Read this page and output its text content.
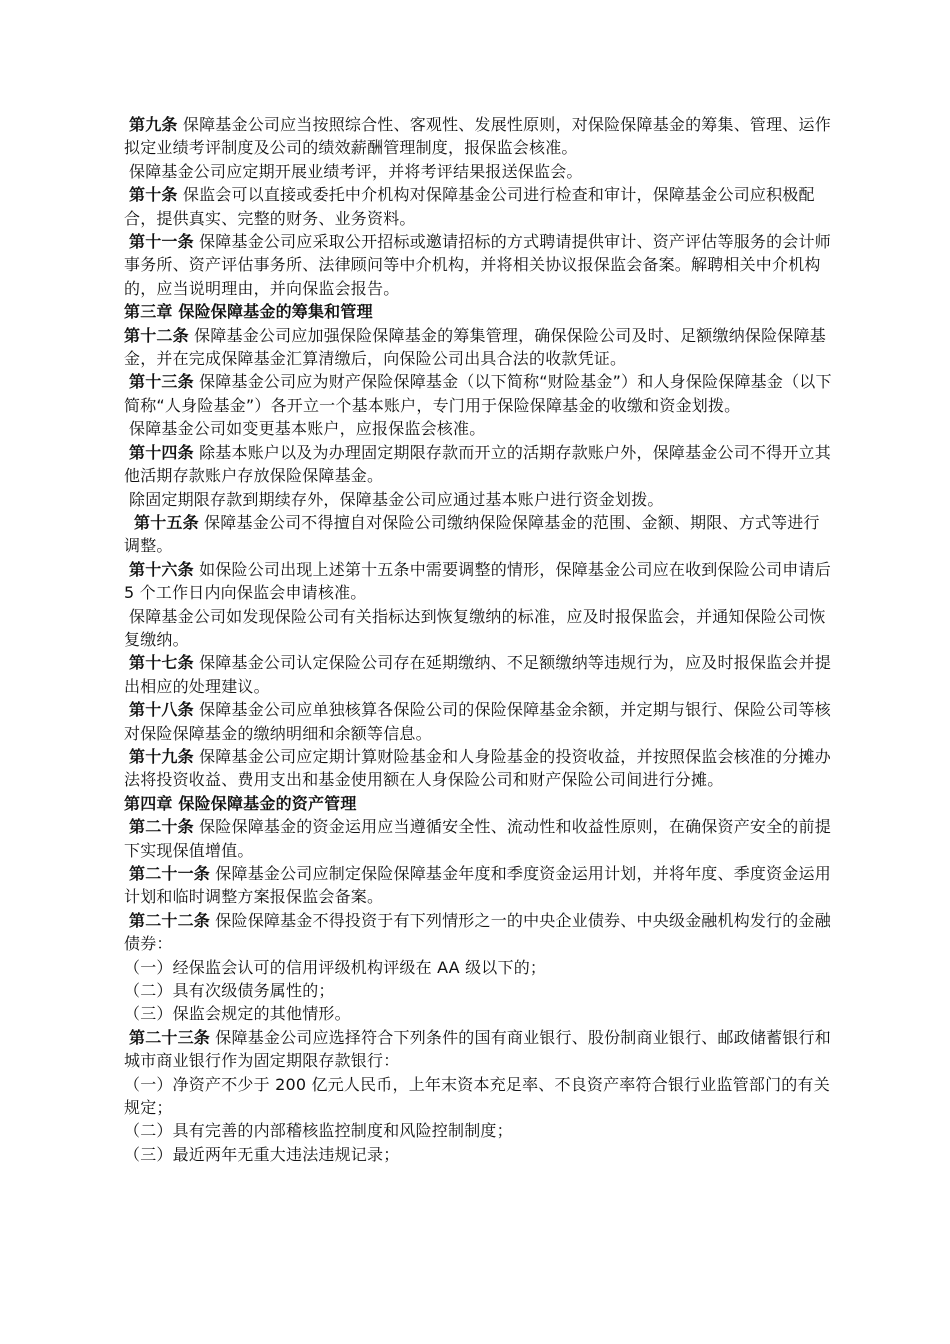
第九条 保障基金公司应当按照综合性、客观性、发展性原则，对保险保障基金的筹集、管理、运作拟定业绩考评制度及公司的绩效薪酬管理制度，报保监会核准。

保障基金公司应定期开展业绩考评，并将考评结果报送保监会。

第十条 保监会可以直接或委托中介机构对保障基金公司进行检查和审计，保障基金公司应积极配合，提供真实、完整的财务、业务资料。

第十一条 保障基金公司应采取公开招标或邀请招标的方式聘请提供审计、资产评估等服务的会计师事务所、资产评估事务所、法律顾问等中介机构，并将相关协议报保监会备案。解聘相关中介机构的，应当说明理由，并向保监会报告。

第三章 保险保障基金的筹集和管理

第十二条 保障基金公司应加强保险保障基金的筹集管理，确保保险公司及时、足额缴纳保险保障基金，并在完成保障基金汇算清缴后，向保险公司出具合法的收款凭证。

第十三条 保障基金公司应为财产保险保障基金（以下简称“财险基金”）和人身保险保障基金（以下简称“人身险基金”）各开立一个基本账户，专门用于保险保障基金的收缴和资金划拨。

保障基金公司如变更基本账户，应报保监会核准。

第十四条 除基本账户以及为办理固定期限存款而开立的活期存款账户外，保障基金公司不得开立其他活期存款账户存放保险保障基金。

除固定期限存款到期续存外，保障基金公司应通过基本账户进行资金划拨。

第十五条 保障基金公司不得擅自对保险公司缴纳保险保障基金的范围、金额、期限、方式等进行调整。

第十六条 如保险公司出现上述第十五条中需要调整的情形，保障基金公司应在收到保险公司申请后 5 个工作日内向保监会申请核准。

保障基金公司如发现保险公司有关指标达到恢复缴纳的标准，应及时报保监会，并通知保险公司恢复缴纳。

第十七条 保障基金公司认定保险公司存在延期缴纳、不足额缴纳等违规行为，应及时报保监会并提出相应的处理建议。

第十八条 保障基金公司应单独核算各保险公司的保险保障基金余额，并定期与银行、保险公司等核对保险保障基金的缴纳明细和余额等信息。

第十九条 保障基金公司应定期计算财险基金和人身险基金的投资收益，并按照保监会核准的分摊办法将投资收益、费用支出和基金使用额在人身保险公司和财产保险公司间进行分摊。

第四章 保险保障基金的资产管理

第二十条 保险保障基金的资金运用应当遵循安全性、流动性和收益性原则，在确保资产安全的前提下实现保值增值。

第二十一条 保障基金公司应制定保险保障基金年度和季度资金运用计划，并将年度、季度资金运用计划和临时调整方案报保监会备案。

第二十二条 保险保障基金不得投资于有下列情形之一的中央企业债券、中央级金融机构发行的金融债券：

（一）经保监会认可的信用评级机构评级在 AA 级以下的；

（二）具有次级债务属性的；

（三）保监会规定的其他情形。

第二十三条 保障基金公司应选择符合下列条件的国有商业银行、股份制商业银行、邮政储蓄银行和城市商业银行作为固定期限存款银行：

（一）净资产不少于 200 亿元人民币，上年末资本充足率、不良资产率符合银行业监管部门的有关规定；

（二）具有完善的内部稽核监控制度和风险控制制度；

（三）最近两年无重大违法违规记录；
